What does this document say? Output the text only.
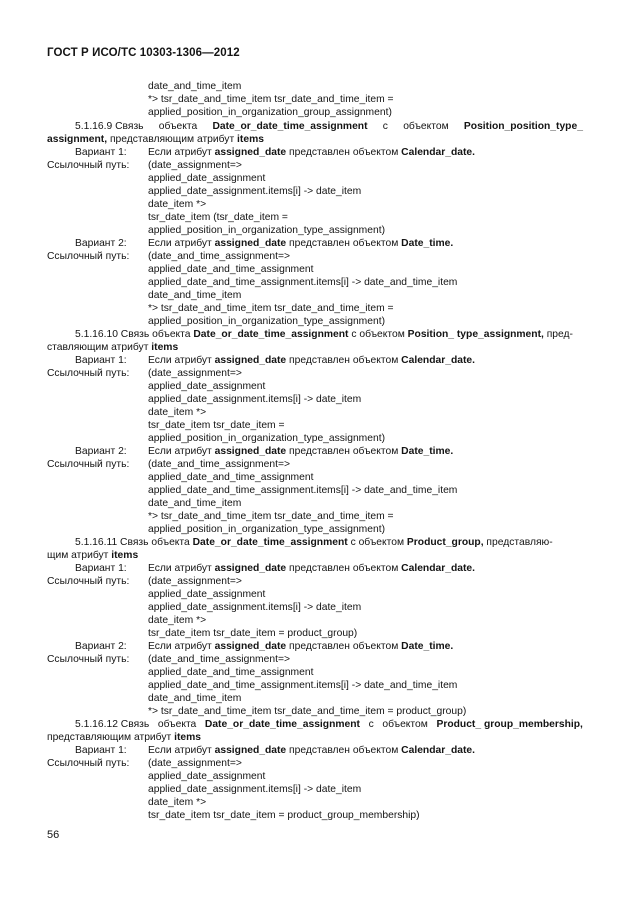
ГОСТ Р ИСО/ТС 10303-1306—2012
date_and_time_item
*> tsr_date_and_time_item tsr_date_and_time_item =
applied_position_in_organization_group_assignment)
5.1.16.9 Связь объекта Date_or_date_time_assignment с объектом Position_position_type_
assignment, представляющим атрибут items
Вариант 1: Если атрибут assigned_date представлен объектом Calendar_date.
Ссылочный путь: (date_assignment=>
applied_date_assignment
applied_date_assignment.items[i] -> date_item
date_item *>
tsr_date_item (tsr_date_item =
applied_position_in_organization_type_assignment)
Вариант 2: Если атрибут assigned_date представлен объектом Date_time.
Ссылочный путь: (date_and_time_assignment=>
applied_date_and_time_assignment
applied_date_and_time_assignment.items[i] -> date_and_time_item
date_and_time_item
*> tsr_date_and_time_item tsr_date_and_time_item =
applied_position_in_organization_type_assignment)
5.1.16.10 Связь объекта Date_or_date_time_assignment с объектом Position_ type_assignment, пред-
ставляющим атрибут items
Вариант 1: Если атрибут assigned_date представлен объектом Calendar_date.
Ссылочный путь: (date_assignment=>
applied_date_assignment
applied_date_assignment.items[i] -> date_item
date_item *>
tsr_date_item tsr_date_item =
applied_position_in_organization_type_assignment)
Вариант 2: Если атрибут assigned_date представлен объектом Date_time.
Ссылочный путь: (date_and_time_assignment=>
applied_date_and_time_assignment
applied_date_and_time_assignment.items[i] -> date_and_time_item
date_and_time_item
*> tsr_date_and_time_item tsr_date_and_time_item =
applied_position_in_organization_type_assignment)
5.1.16.11 Связь объекта Date_or_date_time_assignment с объектом Product_group, представляю-
щим атрибут items
Вариант 1: Если атрибут assigned_date представлен объектом Calendar_date.
Ссылочный путь: (date_assignment=>
applied_date_assignment
applied_date_assignment.items[i] -> date_item
date_item *>
tsr_date_item tsr_date_item = product_group)
Вариант 2: Если атрибут assigned_date представлен объектом Date_time.
Ссылочный путь: (date_and_time_assignment=>
applied_date_and_time_assignment
applied_date_and_time_assignment.items[i] -> date_and_time_item
date_and_time_item
*> tsr_date_and_time_item tsr_date_and_time_item = product_group)
5.1.16.12 Связь объекта Date_or_date_time_assignment с объектом Product_ group_membership,
представляющим атрибут items
Вариант 1: Если атрибут assigned_date представлен объектом Calendar_date.
Ссылочный путь: (date_assignment=>
applied_date_assignment
applied_date_assignment.items[i] -> date_item
date_item *>
tsr_date_item tsr_date_item = product_group_membership)
56
